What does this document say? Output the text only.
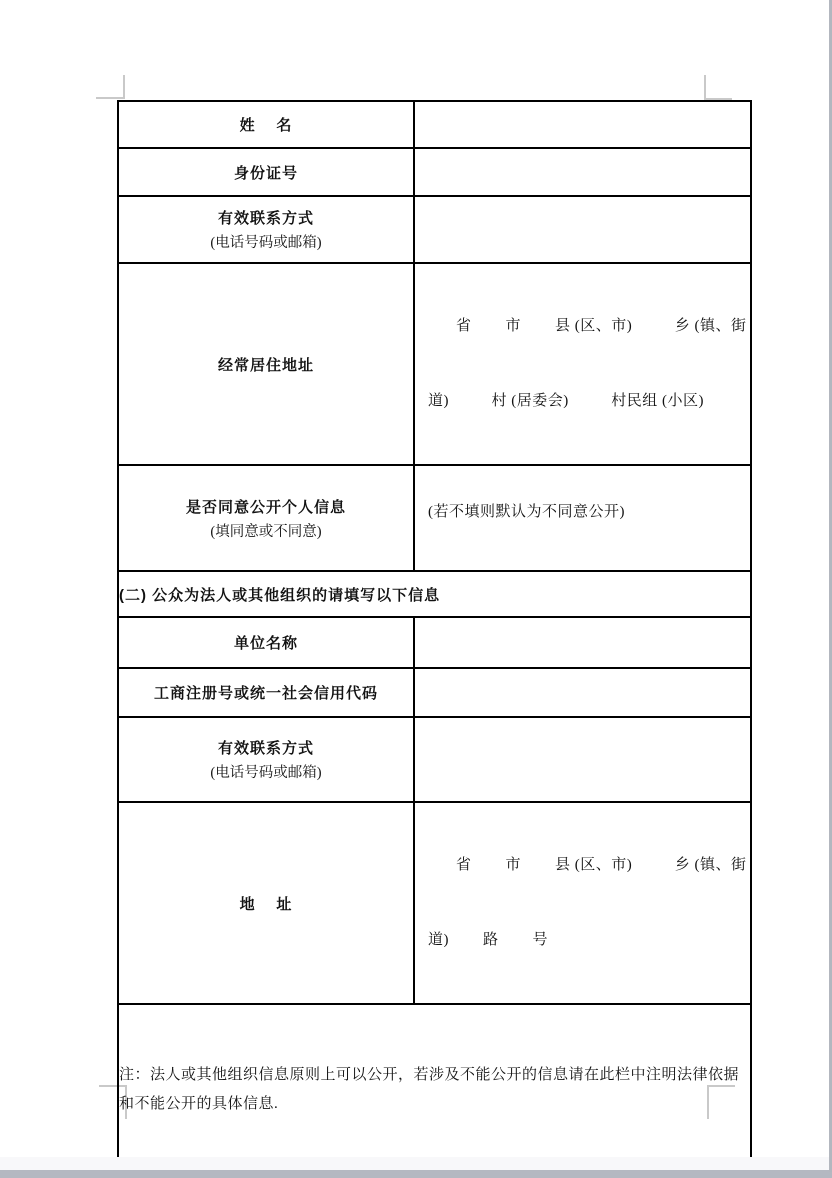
姓    名	
身份证号	

有效联系方式
(电话号码或邮箱)	

经常居住地址	省        市        县 (区、市)          乡 (镇、街

道)          村 (居委会)          村民组 (小区)

是否同意公开个人信息
(填同意或不同意)	(若不填则默认为不同意公开)

(二) 公众为法人或其他组织的请填写以下信息	
单位名称	
工商注册号或统一社会信用代码	

有效联系方式
(电话号码或邮箱)	

地    址	省        市        县 (区、市)          乡 (镇、街

道)        路        号

注：法人或其他组织信息原则上可以公开，若涉及不能公开的信息请在此栏中注明法律依据和不能公开的具体信息.	
